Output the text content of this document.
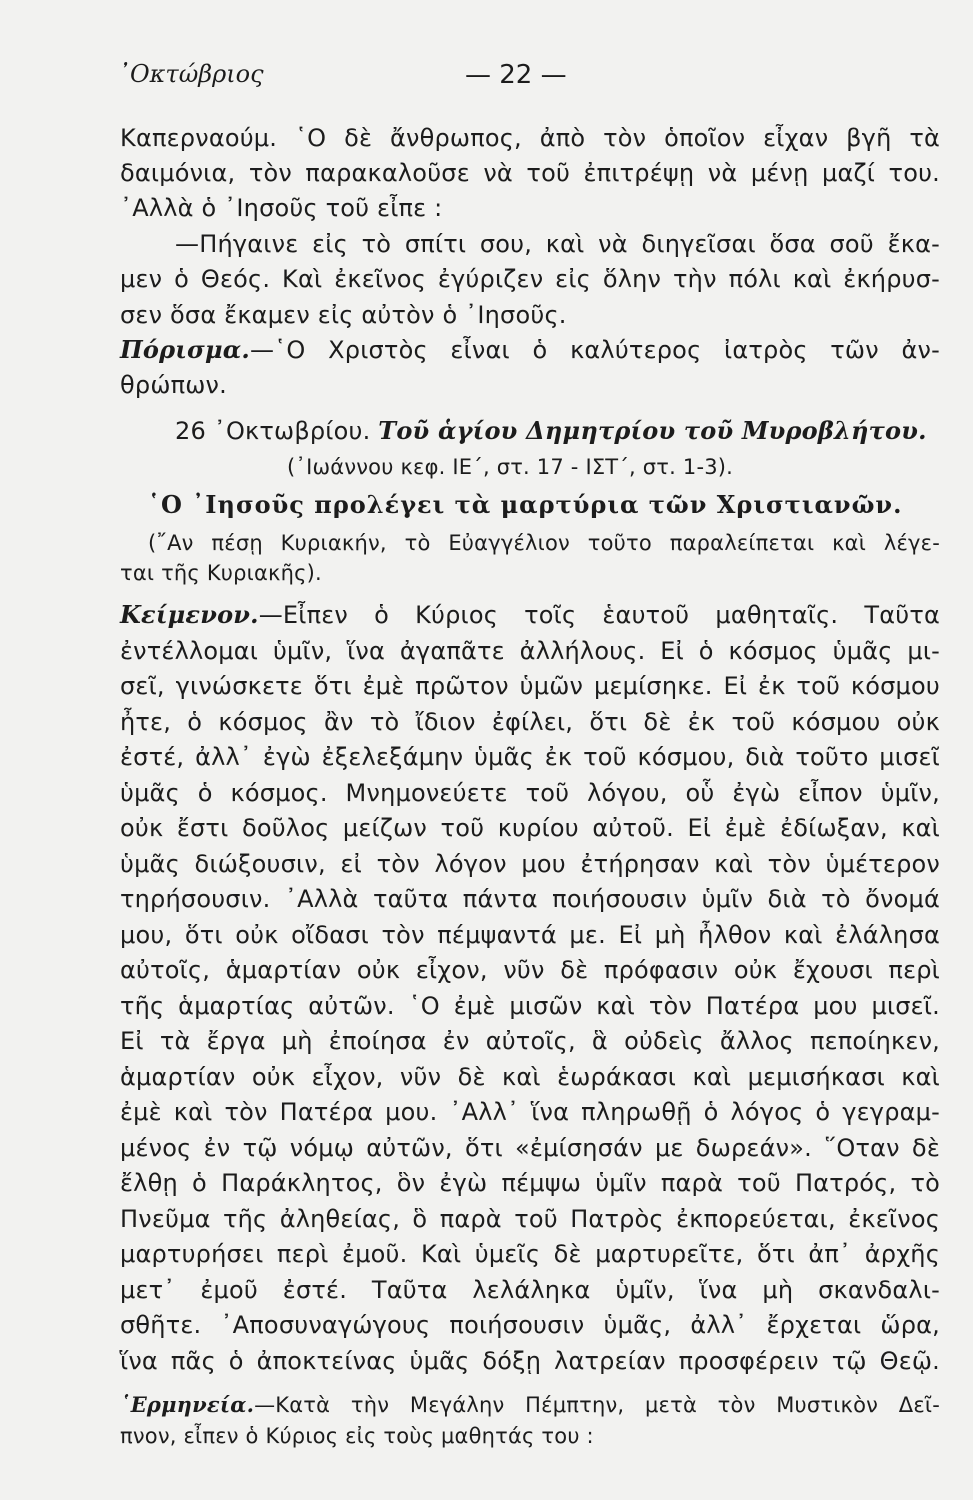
᾿Οκτώβριος	— 22 —
Καπερναούμ. ῾Ο δὲ ἄνθρωπος, ἀπὸ τὸν ὁποῖον εἶχαν βγῆ τὰ
δαιμόνια, τὸν παρακαλοῦσε νὰ τοῦ ἐπιτρέψῃ νὰ μένῃ μαζί του.
᾿Αλλὰ ὁ ᾿Ιησοῦς τοῦ εἶπε :
—Πήγαινε εἰς τὸ σπίτι σου, καὶ νὰ διηγεῖσαι ὅσα σοῦ ἔκα-
μεν ὁ Θεός. Καὶ ἐκεῖνος ἐγύριζεν εἰς ὅλην τὴν πόλι καὶ ἐκήρυσ-
σεν ὅσα ἔκαμεν εἰς αὐτὸν ὁ ᾿Ιησοῦς.
Πόρισμα.—῾Ο Χριστὸς εἶναι ὁ καλύτερος ἰατρὸς τῶν ἀν-
θρώπων.
26 ᾿Οκτωβρίου. Τοῦ ἁγίου Δημητρίου τοῦ Μυροβλήτου.
(᾿Ιωάννου κεφ. ΙΕ΄, στ. 17 - ΙΣΤ΄, στ. 1-3).
῾Ο ᾿Ιησοῦς προλέγει τὰ μαρτύρια τῶν Χριστιανῶν.
(῎Αν πέσῃ Κυριακήν, τὸ Εὐαγγέλιον τοῦτο παραλείπεται καὶ λέγε-
ται τῆς Κυριακῆς).
Κείμενον.—Εἶπεν ὁ Κύριος τοῖς ἑαυτοῦ μαθηταῖς. Ταῦτα
ἐντέλλομαι ὑμῖν, ἵνα ἀγαπᾶτε ἀλλήλους. Εἰ ὁ κόσμος ὑμᾶς μι-
σεῖ, γινώσκετε ὅτι ἐμὲ πρῶτον ὑμῶν μεμίσηκε. Εἰ ἐκ τοῦ κόσμου
ἦτε, ὁ κόσμος ἂν τὸ ἴδιον ἐφίλει, ὅτι δὲ ἐκ τοῦ κόσμου οὐκ
ἐστέ, ἀλλ᾿ ἐγὼ ἐξελεξάμην ὑμᾶς ἐκ τοῦ κόσμου, διὰ τοῦτο μισεῖ
ὑμᾶς ὁ κόσμος. Μνημονεύετε τοῦ λόγου, οὗ ἐγὼ εἶπον ὑμῖν,
οὐκ ἔστι δοῦλος μείζων τοῦ κυρίου αὐτοῦ. Εἰ ἐμὲ ἐδίωξαν, καὶ
ὑμᾶς διώξουσιν, εἰ τὸν λόγον μου ἐτήρησαν καὶ τὸν ὑμέτερον
τηρήσουσιν. ᾿Αλλὰ ταῦτα πάντα ποιήσουσιν ὑμῖν διὰ τὸ ὄνομά
μου, ὅτι οὐκ οἴδασι τὸν πέμψαντά με. Εἰ μὴ ἦλθον καὶ ἐλάλησα
αὐτοῖς, ἁμαρτίαν οὐκ εἶχον, νῦν δὲ πρόφασιν οὐκ ἔχουσι περὶ
τῆς ἁμαρτίας αὐτῶν. ῾Ο ἐμὲ μισῶν καὶ τὸν Πατέρα μου μισεῖ.
Εἰ τὰ ἔργα μὴ ἐποίησα ἐν αὐτοῖς, ἃ οὐδεὶς ἄλλος πεποίηκεν,
ἁμαρτίαν οὐκ εἶχον, νῦν δὲ καὶ ἑωράκασι καὶ μεμισήκασι καὶ
ἐμὲ καὶ τὸν Πατέρα μου. ᾿Αλλ᾿ ἵνα πληρωθῇ ὁ λόγος ὁ γεγραμ-
μένος ἐν τῷ νόμῳ αὐτῶν, ὅτι «ἐμίσησάν με δωρεάν». ῞Οταν δὲ
ἔλθῃ ὁ Παράκλητος, ὃν ἐγὼ πέμψω ὑμῖν παρὰ τοῦ Πατρός, τὸ
Πνεῦμα τῆς ἀληθείας, ὃ παρὰ τοῦ Πατρὸς ἐκπορεύεται, ἐκεῖνος
μαρτυρήσει περὶ ἐμοῦ. Καὶ ὑμεῖς δὲ μαρτυρεῖτε, ὅτι ἀπ᾿ ἀρχῆς
μετ᾿ ἐμοῦ ἐστέ. Ταῦτα λελάληκα ὑμῖν, ἵνα μὴ σκανδαλι-
σθῆτε. ᾿Αποσυναγώγους ποιήσουσιν ὑμᾶς, ἀλλ᾿ ἔρχεται ὥρα,
ἵνα πᾶς ὁ ἀποκτείνας ὑμᾶς δόξῃ λατρείαν προσφέρειν τῷ Θεῷ.
῾Ερμηνεία.—Κατὰ τὴν Μεγάλην Πέμπτην, μετὰ τὸν Μυστικὸν Δεῖ-
πνον, εἶπεν ὁ Κύριος εἰς τοὺς μαθητάς του :
